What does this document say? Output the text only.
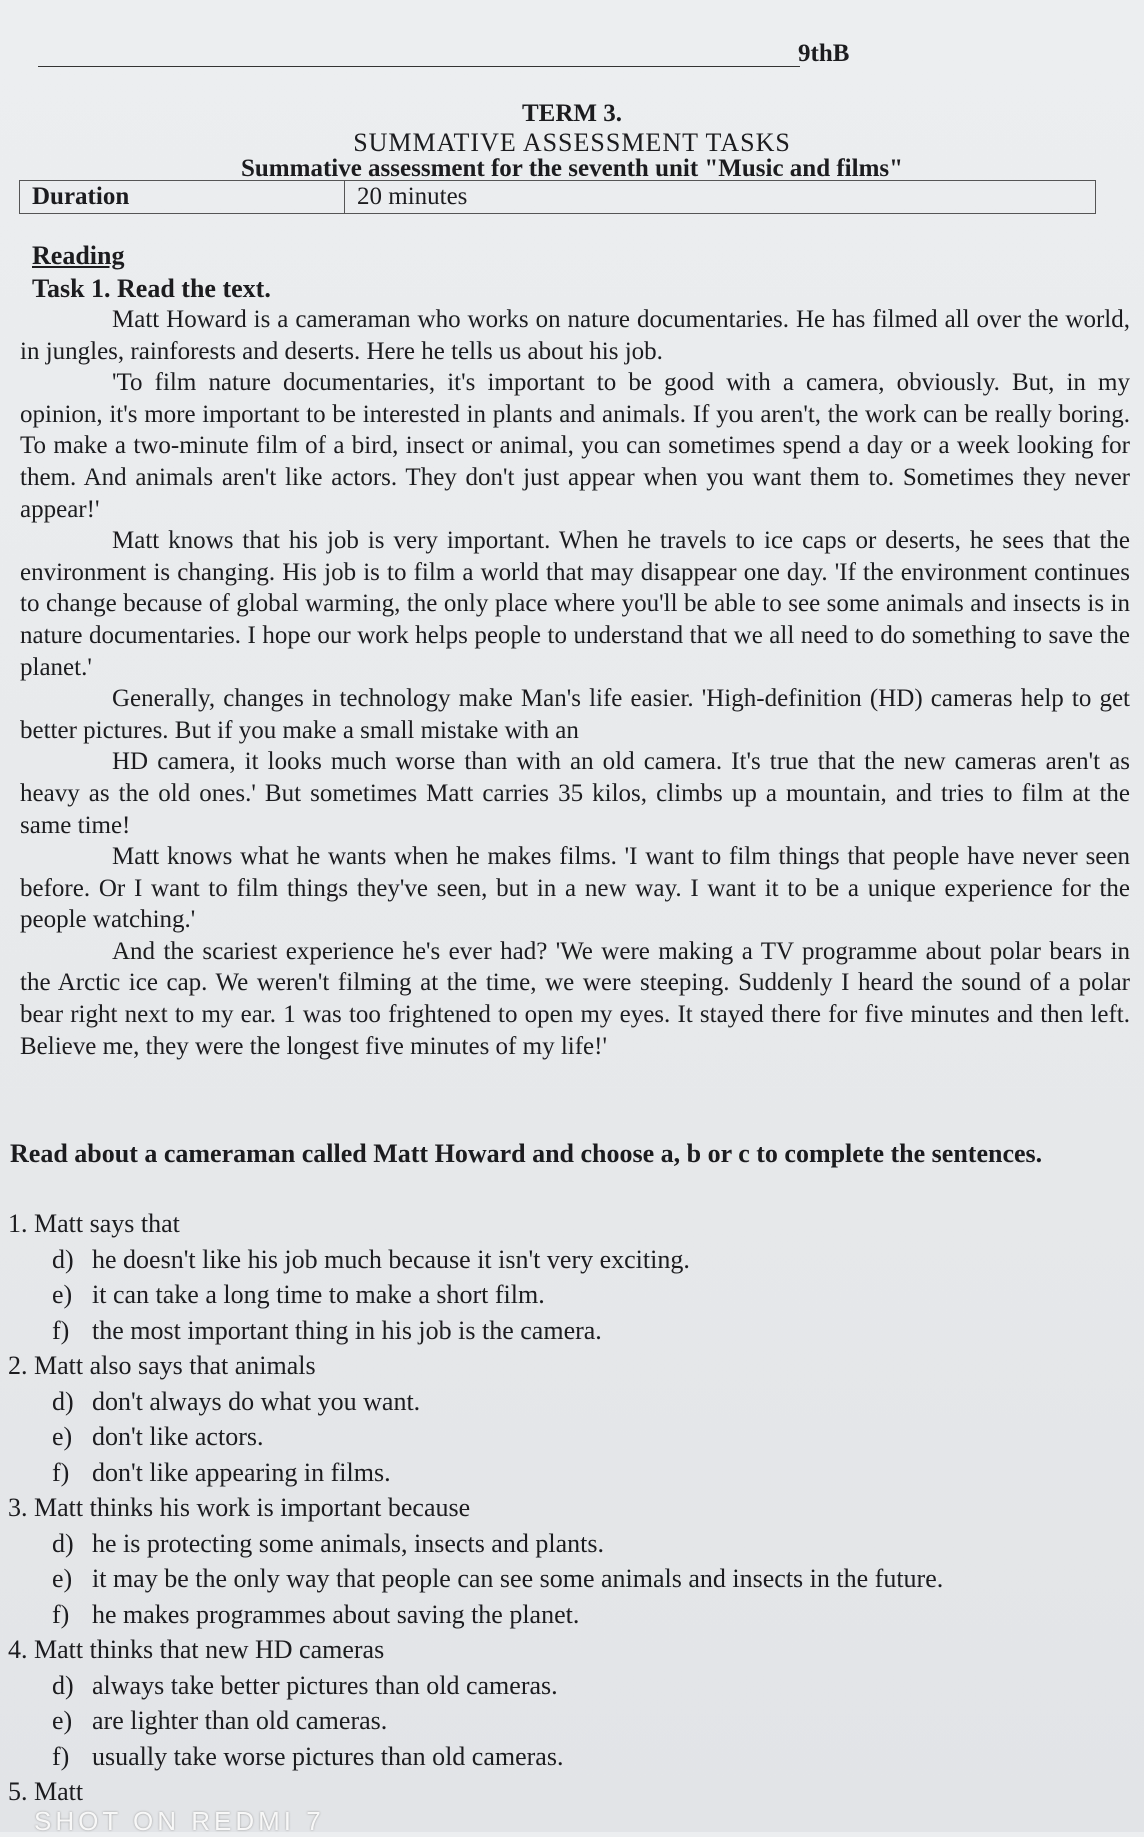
9thB
TERM 3.
SUMMATIVE ASSESSMENT TASKS
Summative assessment for the seventh unit "Music and films"
Duration	20 minutes
Reading
Task 1. Read the text.

Matt Howard is a cameraman who works on nature documentaries. He has filmed all over the world, in jungles, rainforests and deserts. Here he tells us about his job.

'To film nature documentaries, it's important to be good with a camera, obviously. But, in my opinion, it's more important to be interested in plants and animals. If you aren't, the work can be really boring. To make a two-minute film of a bird, insect or animal, you can sometimes spend a day or a week looking for them. And animals aren't like actors. They don't just appear when you want them to. Sometimes they never appear!'

Matt knows that his job is very important. When he travels to ice caps or deserts, he sees that the environment is changing. His job is to film a world that may disappear one day. 'If the environment continues to change because of global warming, the only place where you'll be able to see some animals and insects is in nature documentaries. I hope our work helps people to understand that we all need to do something to save the planet.'

Generally, changes in technology make Man's life easier. 'High-definition (HD) cameras help to get better pictures. But if you make a small mistake with an

HD camera, it looks much worse than with an old camera. It's true that the new cameras aren't as heavy as the old ones.' But sometimes Matt carries 35 kilos, climbs up a mountain, and tries to film at the same time!

Matt knows what he wants when he makes films. 'I want to film things that people have never seen before. Or I want to film things they've seen, but in a new way. I want it to be a unique experience for the people watching.'

And the scariest experience he's ever had? 'We were making a TV programme about polar bears in the Arctic ice cap. We weren't filming at the time, we were steeping. Suddenly I heard the sound of a polar bear right next to my ear. 1 was too frightened to open my eyes. It stayed there for five minutes and then left. Believe me, they were the longest five minutes of my life!'

Read about a cameraman called Matt Howard and choose a, b or c to complete the sentences.
1. Matt says that
d) he doesn't like his job much because it isn't very exciting.
e) it can take a long time to make a short film.
f) the most important thing in his job is the camera.
2. Matt also says that animals
d) don't always do what you want.
e) don't like actors.
f) don't like appearing in films.
3. Matt thinks his work is important because
d) he is protecting some animals, insects and plants.
e) it may be the only way that people can see some animals and insects in the future.
f) he makes programmes about saving the planet.
4. Matt thinks that new HD cameras
d) always take better pictures than old cameras.
e) are lighter than old cameras.
f) usually take worse pictures than old cameras.
5. Matt
SHOT ON REDMI 7
